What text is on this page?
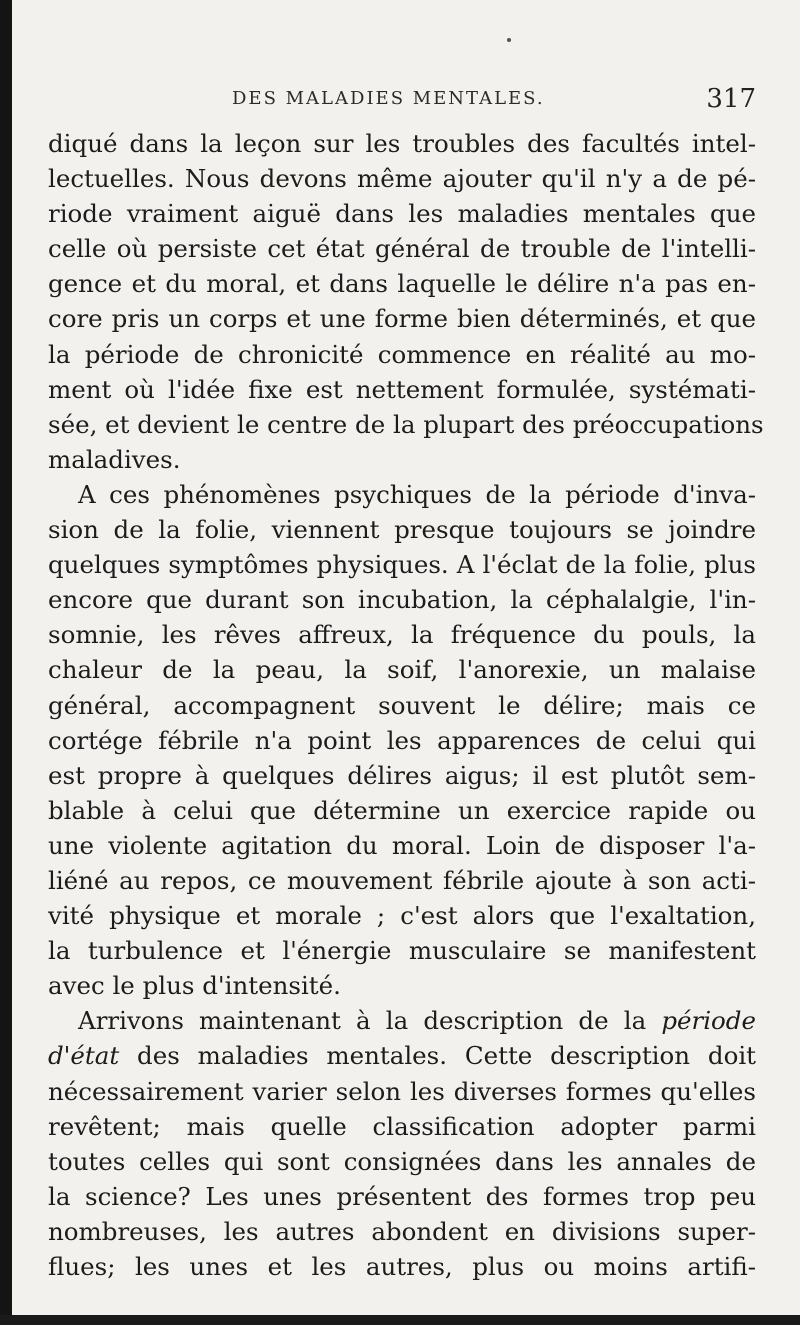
DES MALADIES MENTALES.	317
diqué dans la leçon sur les troubles des facultés intel-
lectuelles. Nous devons même ajouter qu'il n'y a de pé-
riode vraiment aiguë dans les maladies mentales que
celle où persiste cet état général de trouble de l'intelli-
gence et du moral, et dans laquelle le délire n'a pas en-
core pris un corps et une forme bien déterminés, et que
la période de chronicité commence en réalité au mo-
ment où l'idée fixe est nettement formulée, systémati-
sée, et devient le centre de la plupart des préoccupations
maladives.
A ces phénomènes psychiques de la période d'inva-
sion de la folie, viennent presque toujours se joindre
quelques symptômes physiques. A l'éclat de la folie, plus
encore que durant son incubation, la céphalalgie, l'in-
somnie, les rêves affreux, la fréquence du pouls, la
chaleur de la peau, la soif, l'anorexie, un malaise
général, accompagnent souvent le délire; mais ce
cortége fébrile n'a point les apparences de celui qui
est propre à quelques délires aigus; il est plutôt sem-
blable à celui que détermine un exercice rapide ou
une violente agitation du moral. Loin de disposer l'a-
liéné au repos, ce mouvement fébrile ajoute à son acti-
vité physique et morale ; c'est alors que l'exaltation,
la turbulence et l'énergie musculaire se manifestent
avec le plus d'intensité.
Arrivons maintenant à la description de la période
d'état des maladies mentales. Cette description doit
nécessairement varier selon les diverses formes qu'elles
revêtent; mais quelle classification adopter parmi
toutes celles qui sont consignées dans les annales de
la science? Les unes présentent des formes trop peu
nombreuses, les autres abondent en divisions super-
flues; les unes et les autres, plus ou moins artifi-
